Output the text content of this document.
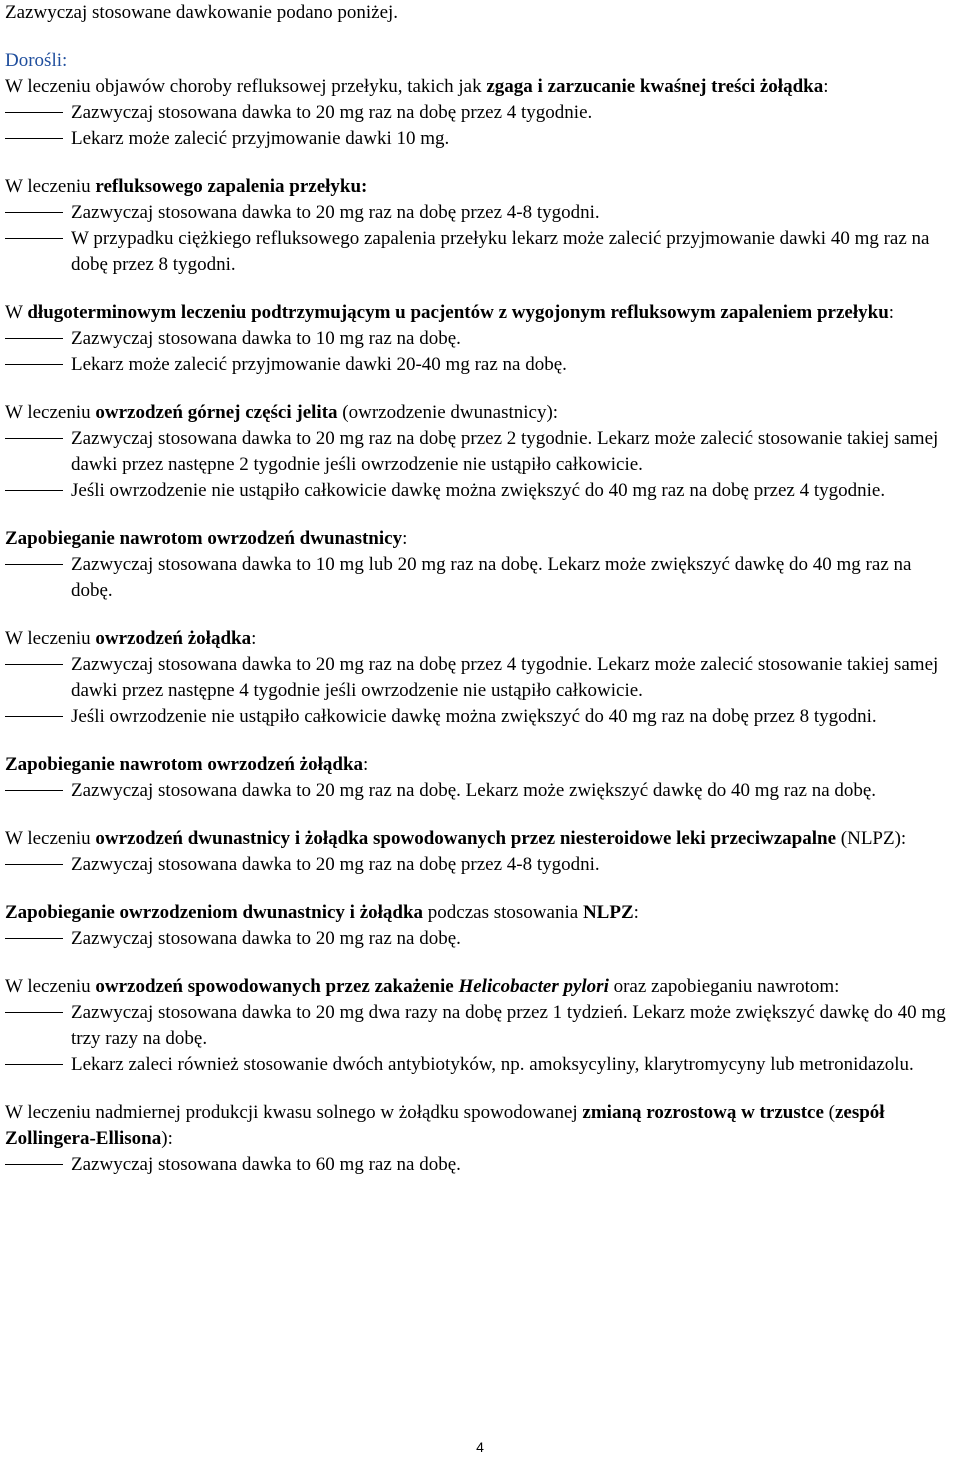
Zazwyczaj stosowane dawkowanie podano poniżej.

Dorośli:
W leczeniu objawów choroby refluksowej przełyku, takich jak zgaga i zarzucanie kwaśnej treści żołądka:
Zazwyczaj stosowana dawka to 20 mg raz na dobę przez 4 tygodnie.
Lekarz może zalecić przyjmowanie dawki 10 mg.
W leczeniu refluksowego zapalenia przełyku:
Zazwyczaj stosowana dawka to 20 mg raz na dobę przez 4-8 tygodni.
W przypadku ciężkiego refluksowego zapalenia przełyku lekarz może zalecić przyjmowanie dawki 40 mg raz na dobę przez 8 tygodni.
W długoterminowym leczeniu podtrzymującym u pacjentów z wygojonym refluksowym zapaleniem przełyku:
Zazwyczaj stosowana dawka to 10 mg raz na dobę.
Lekarz może zalecić przyjmowanie dawki 20-40 mg raz na dobę.
W leczeniu owrzodzeń górnej części jelita (owrzodzenie dwunastnicy):
Zazwyczaj stosowana dawka to 20 mg raz na dobę przez 2 tygodnie. Lekarz może zalecić stosowanie takiej samej dawki przez następne 2 tygodnie jeśli owrzodzenie nie ustąpiło całkowicie.
Jeśli owrzodzenie nie ustąpiło całkowicie dawkę można zwiększyć do 40 mg raz na dobę przez 4 tygodnie.
Zapobieganie nawrotom owrzodzeń dwunastnicy:
Zazwyczaj stosowana dawka to 10 mg lub 20 mg raz na dobę. Lekarz może zwiększyć dawkę do 40 mg raz na dobę.
W leczeniu owrzodzeń żołądka:
Zazwyczaj stosowana dawka to 20 mg raz na dobę przez 4 tygodnie. Lekarz może zalecić stosowanie takiej samej dawki przez następne 4 tygodnie jeśli owrzodzenie nie ustąpiło całkowicie.
Jeśli owrzodzenie nie ustąpiło całkowicie dawkę można zwiększyć do 40 mg raz na dobę przez 8 tygodni.
Zapobieganie nawrotom owrzodzeń żołądka:
Zazwyczaj stosowana dawka to 20 mg raz na dobę. Lekarz może zwiększyć dawkę do 40 mg raz na dobę.
W leczeniu owrzodzeń dwunastnicy i żołądka spowodowanych przez niesteroidowe leki przeciwzapalne (NLPZ):
Zazwyczaj stosowana dawka to 20 mg raz na dobę przez 4-8 tygodni.
Zapobieganie owrzodzeniom dwunastnicy i żołądka podczas stosowania NLPZ:
Zazwyczaj stosowana dawka to 20 mg raz na dobę.
W leczeniu owrzodzeń spowodowanych przez zakażenie Helicobacter pylori oraz zapobieganiu nawrotom:
Zazwyczaj stosowana dawka to 20 mg dwa razy na dobę przez 1 tydzień. Lekarz może zwiększyć dawkę do 40 mg trzy razy na dobę.
Lekarz zaleci również stosowanie dwóch antybiotyków, np. amoksycyliny, klarytromycyny lub metronidazolu.
W leczeniu nadmiernej produkcji kwasu solnego w żołądku spowodowanej zmianą rozrostową w trzustce (zespół Zollingera-Ellisona):
Zazwyczaj stosowana dawka to 60 mg raz na dobę.
4
